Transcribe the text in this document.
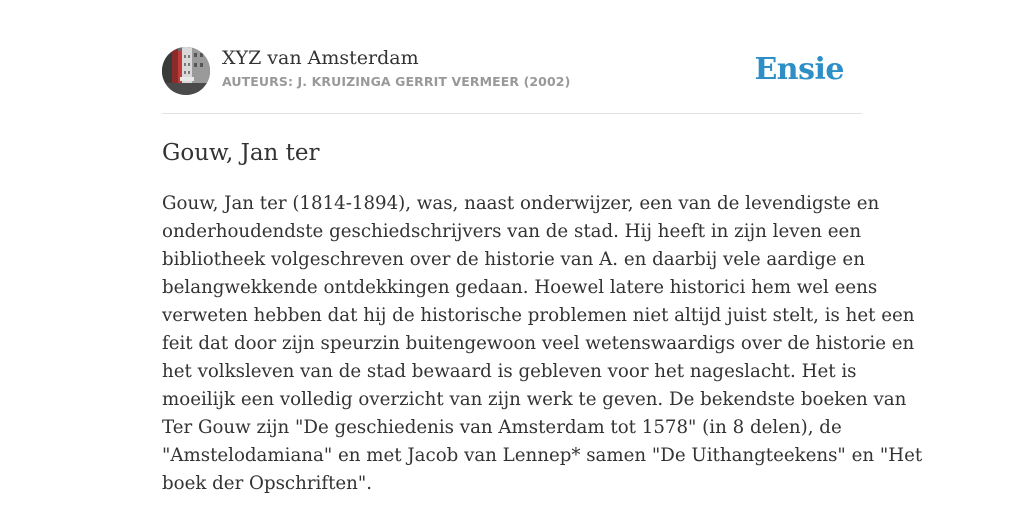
XYZ van Amsterdam
AUTEURS: J. KRUIZINGA GERRIT VERMEER (2002)	Ensie
Gouw, Jan ter

Gouw, Jan ter (1814-1894), was, naast onderwijzer, een van de levendigste en
onderhoudendste geschiedschrijvers van de stad. Hij heeft in zijn leven een
bibliotheek volgeschreven over de historie van A. en daarbij vele aardige en
belangwekkende ontdekkingen gedaan. Hoewel latere historici hem wel eens
verweten hebben dat hij de historische problemen niet altijd juist stelt, is het een
feit dat door zijn speurzin buitengewoon veel wetenswaardigs over de historie en
het volksleven van de stad bewaard is gebleven voor het nageslacht. Het is
moeilijk een volledig overzicht van zijn werk te geven. De bekendste boeken van
Ter Gouw zijn "De geschiedenis van Amsterdam tot 1578" (in 8 delen), de
"Amstelodamiana" en met Jacob van Lennep* samen "De Uithangteekens" en "Het
boek der Opschriften".
